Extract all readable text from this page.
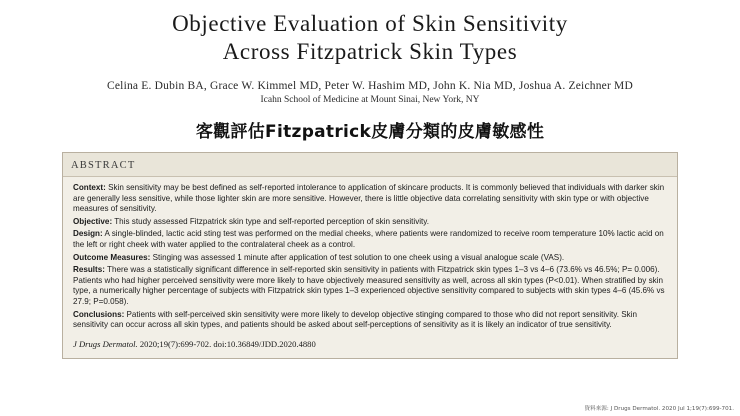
Objective Evaluation of Skin Sensitivity
Across Fitzpatrick Skin Types
Celina E. Dubin BA, Grace W. Kimmel MD, Peter W. Hashim MD, John K. Nia MD, Joshua A. Zeichner MD
Icahn School of Medicine at Mount Sinai, New York, NY
客觀評估Fitzpatrick皮膚分類的皮膚敏感性
ABSTRACT

Context: Skin sensitivity may be best defined as self-reported intolerance to application of skincare products. It is commonly believed that individuals with darker skin are generally less sensitive, while those lighter skin are more sensitive. However, there is little objective data correlating sensitivity with skin type or with objective measures of sensitivity.

Objective: This study assessed Fitzpatrick skin type and self-reported perception of skin sensitivity.

Design: A single-blinded, lactic acid sting test was performed on the medial cheeks, where patients were randomized to receive room temperature 10% lactic acid on the left or right cheek with water applied to the contralateral cheek as a control.

Outcome Measures: Stinging was assessed 1 minute after application of test solution to one cheek using a visual analogue scale (VAS).

Results: There was a statistically significant difference in self-reported skin sensitivity in patients with Fitzpatrick skin types 1–3 vs 4–6 (73.6% vs 46.5%; P= 0.006). Patients who had higher perceived sensitivity were more likely to have objectively measured sensitivity as well, across all skin types (P<0.01). When stratified by skin type, a numerically higher percentage of subjects with Fitzpatrick skin types 1–3 experienced objective sensitivity compared to subjects with skin types 4–6 (45.6% vs 27.9; P=0.058).

Conclusions: Patients with self-perceived skin sensitivity were more likely to develop objective stinging compared to those who did not report sensitivity. Skin sensitivity can occur across all skin types, and patients should be asked about self-perceptions of sensitivity as it is likely an indicator of true sensitivity.

J Drugs Dermatol. 2020;19(7):699-702. doi:10.36849/JDD.2020.4880

資料來源: J Drugs Dermatol. 2020 Jul 1;19(7):699-701.
